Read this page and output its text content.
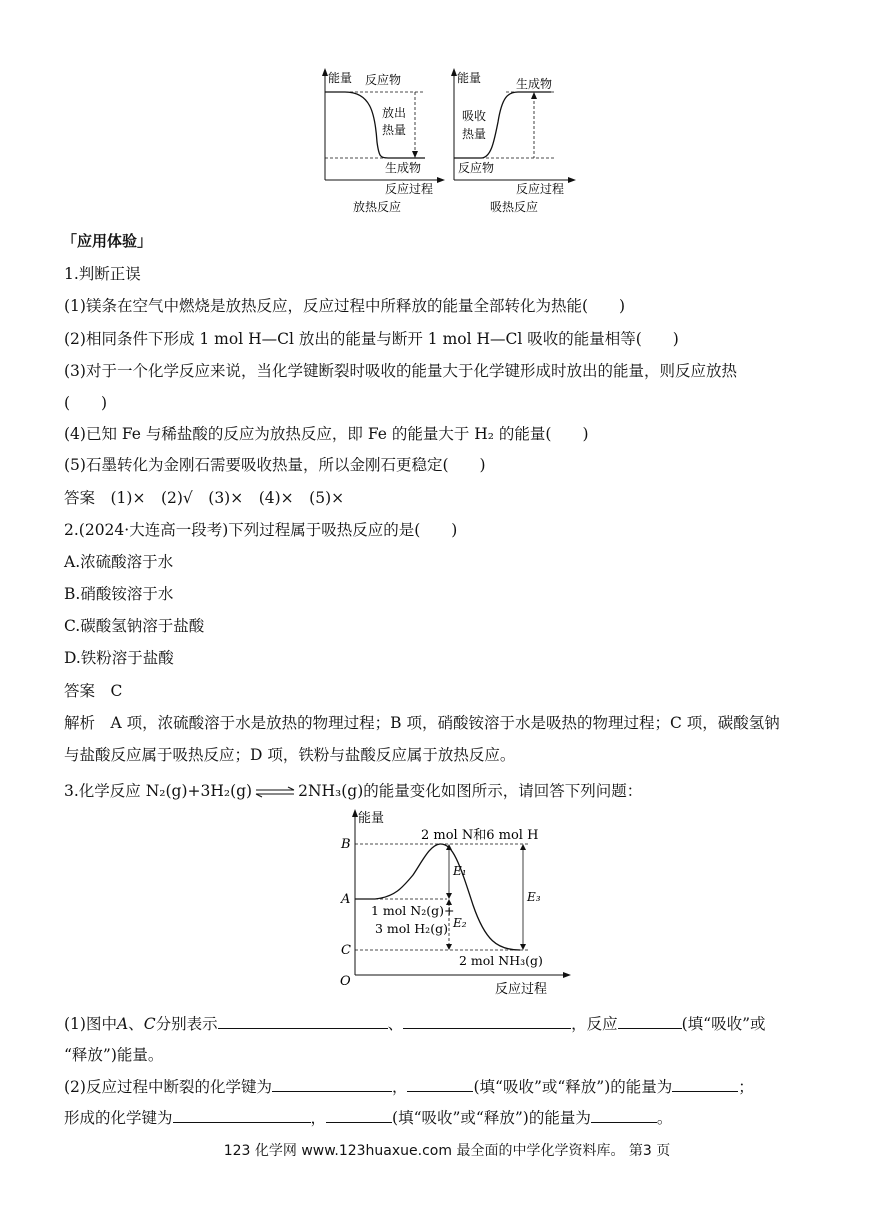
能量 反应物
放出
热量
生成物
反应过程
放热反应
能量	生成物
吸收
热量
反应物
反应过程
吸热反应
「应用体验」
1.判断正误
(1)镁条在空气中燃烧是放热反应，反应过程中所释放的能量全部转化为热能(　　)
(2)相同条件下形成 1 mol H—Cl 放出的能量与断开 1 mol H—Cl 吸收的能量相等(　　)
(3)对于一个化学反应来说，当化学键断裂时吸收的能量大于化学键形成时放出的能量，则反应放热
(　　)
(4)已知 Fe 与稀盐酸的反应为放热反应，即 Fe 的能量大于 H₂ 的能量(　　)
(5)石墨转化为金刚石需要吸收热量，所以金刚石更稳定(　　)
答案　(1)×　(2)√　(3)×　(4)×　(5)×
2.(2024·大连高一段考)下列过程属于吸热反应的是(　　)
A.浓硫酸溶于水
B.硝酸铵溶于水
C.碳酸氢钠溶于盐酸
D.铁粉溶于盐酸
答案　C
解析　A 项，浓硫酸溶于水是放热的物理过程；B 项，硝酸铵溶于水是吸热的物理过程；C 项，碳酸氢钠
与盐酸反应属于吸热反应；D 项，铁粉与盐酸反应属于放热反应。
3.化学反应 N₂(g)+3H₂(g) ⇌ 2NH₃(g)的能量变化如图所示，请回答下列问题：
能量
2 mol N和6 mol H
B
A
C
O
1 mol N₂(g)+
3 mol H₂(g)
2 mol NH₃(g)
E₁
E₂
E₃
反应过程
(1)图中A、C分别表示	、	，反应	(填“吸收”或
“释放”)能量。
(2)反应过程中断裂的化学键为	，	(填“吸收”或“释放”)的能量为	；
形成的化学键为	，	(填“吸收”或“释放”)的能量为	。
123 化学网 www.123huaxue.com 最全面的中学化学资料库。 第3 页
